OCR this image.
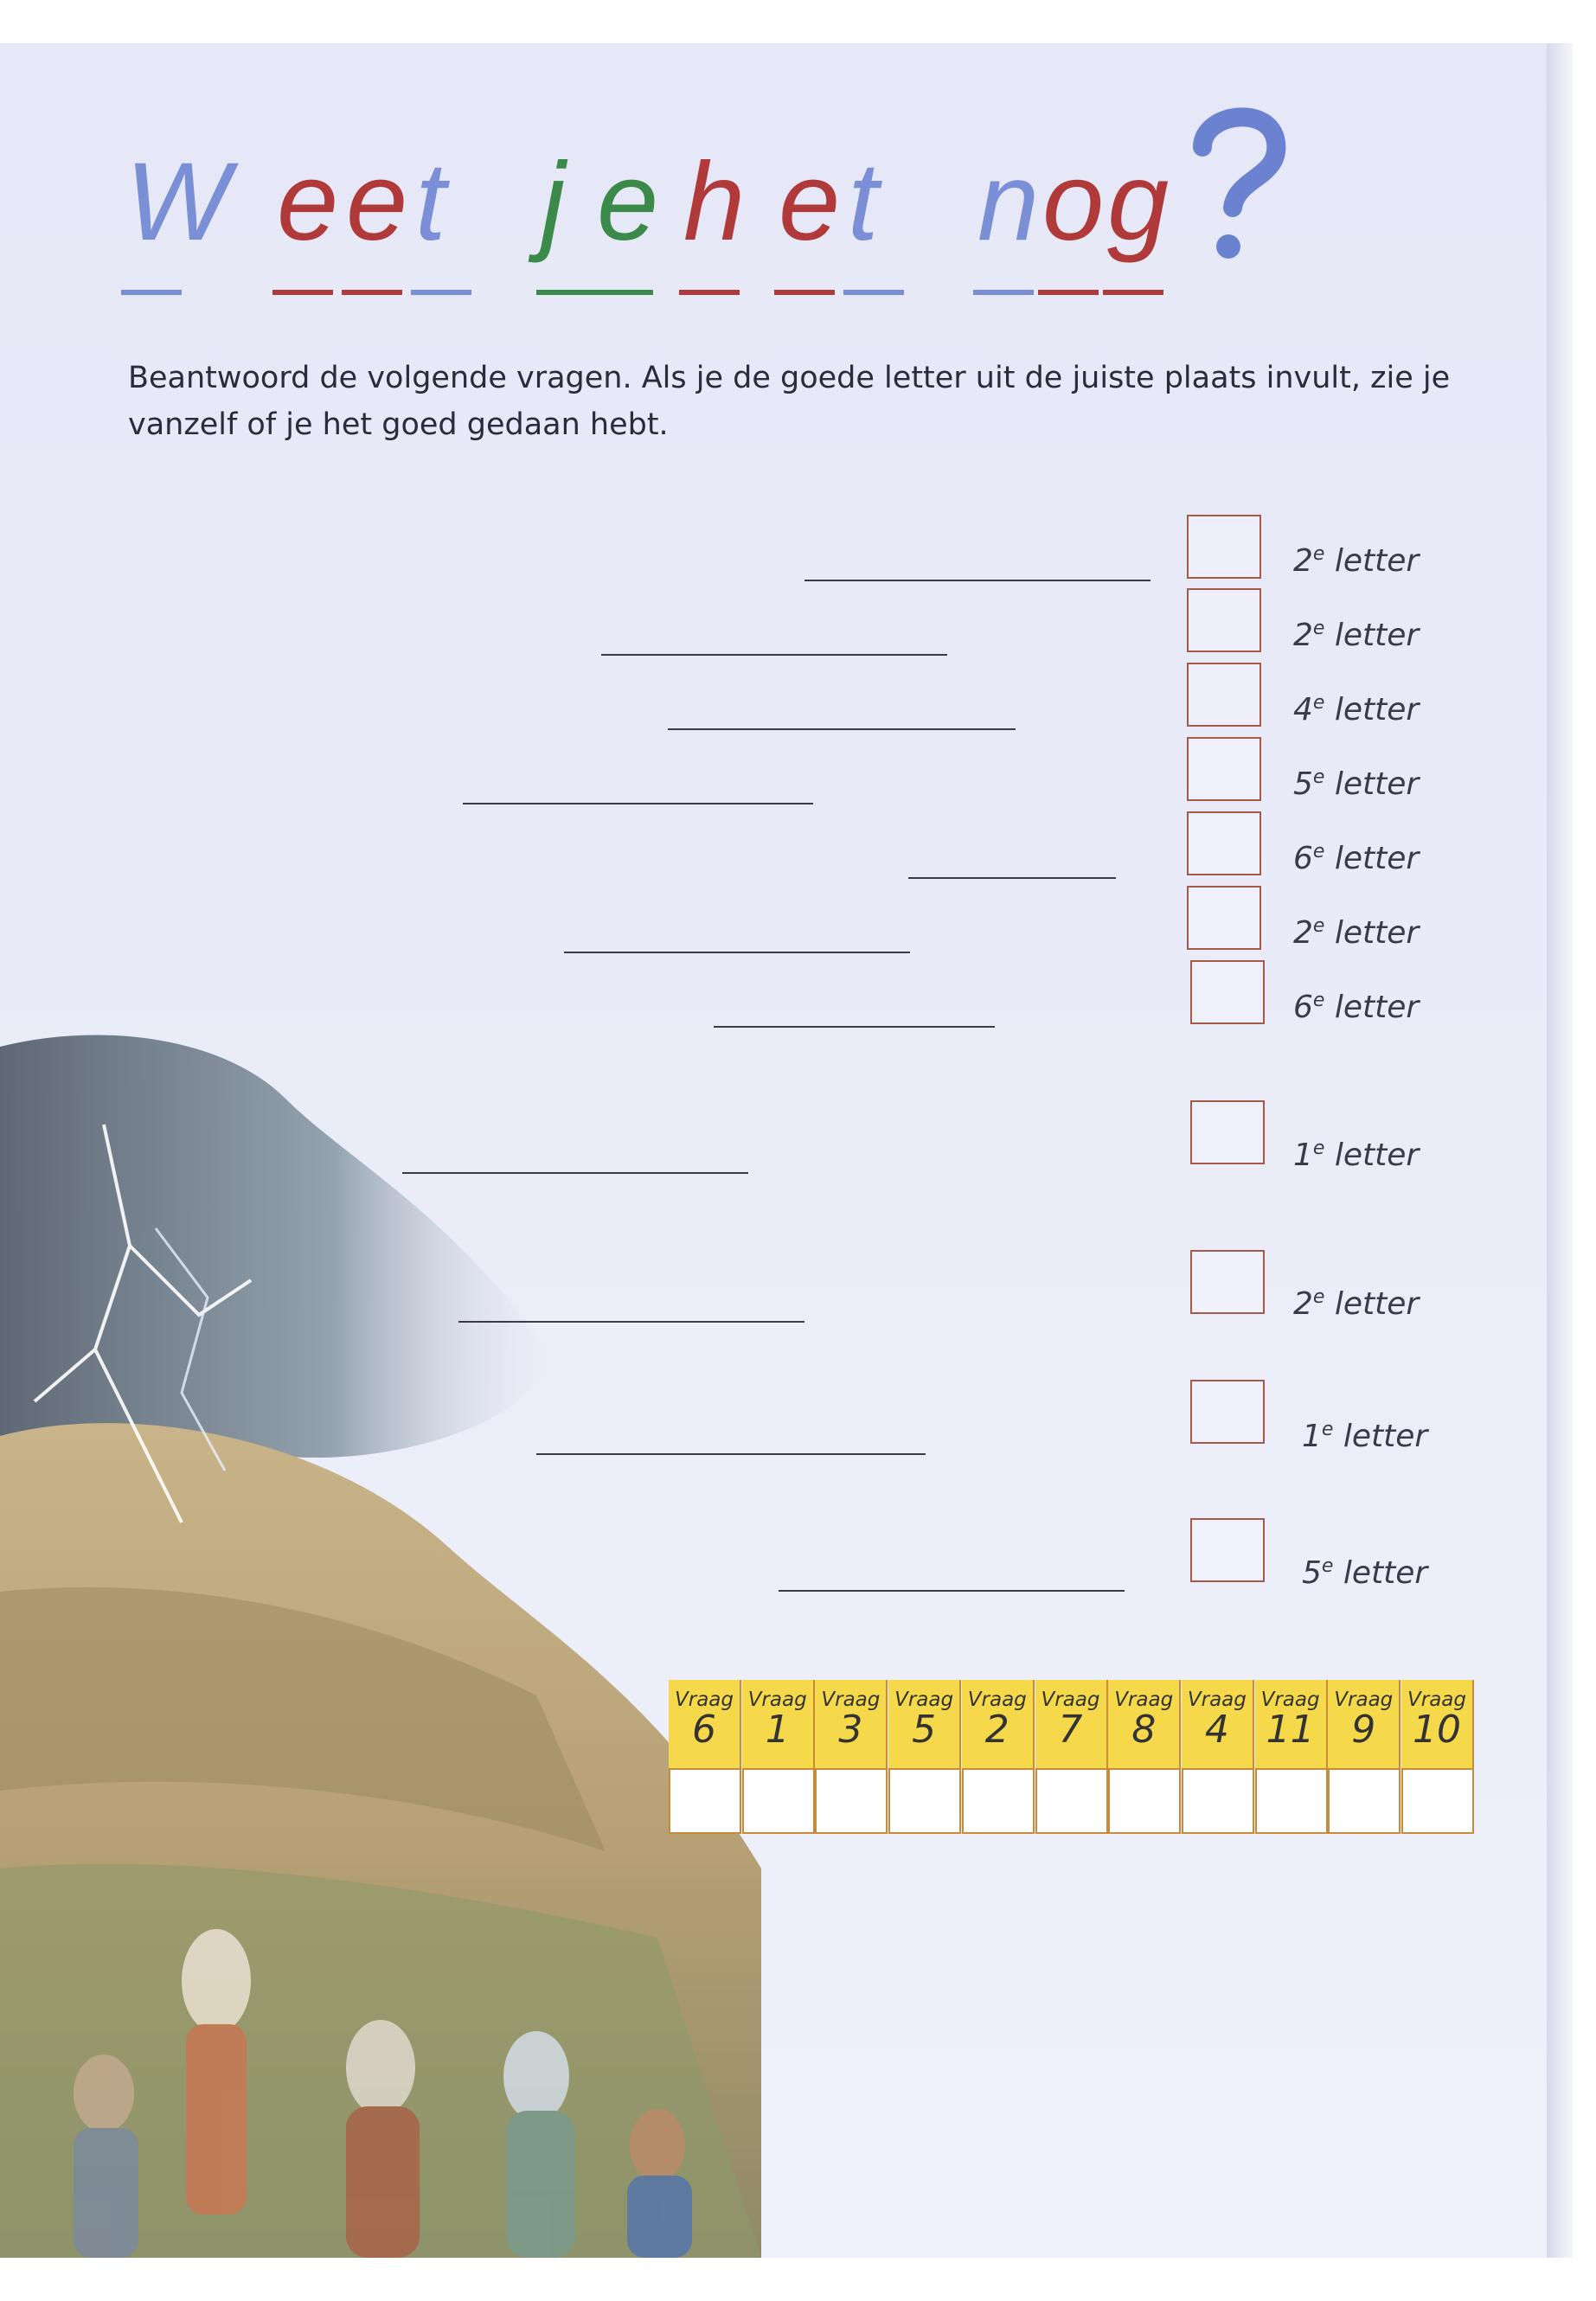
W e e t j e h e t n o g
Beantwoord de volgende vragen. Als je de goede letter uit de juiste plaats invult, zie je vanzelf of je het goed gedaan hebt.
2e letter
2e letter
4e letter
5e letter
6e letter
2e letter
6e letter
1e letter
2e letter
1e letter
5e letter
Vraag
6
Vraag
1
Vraag
3
Vraag
5
Vraag
2
Vraag
7
Vraag
8
Vraag
4
Vraag
11
Vraag
9
Vraag
10
